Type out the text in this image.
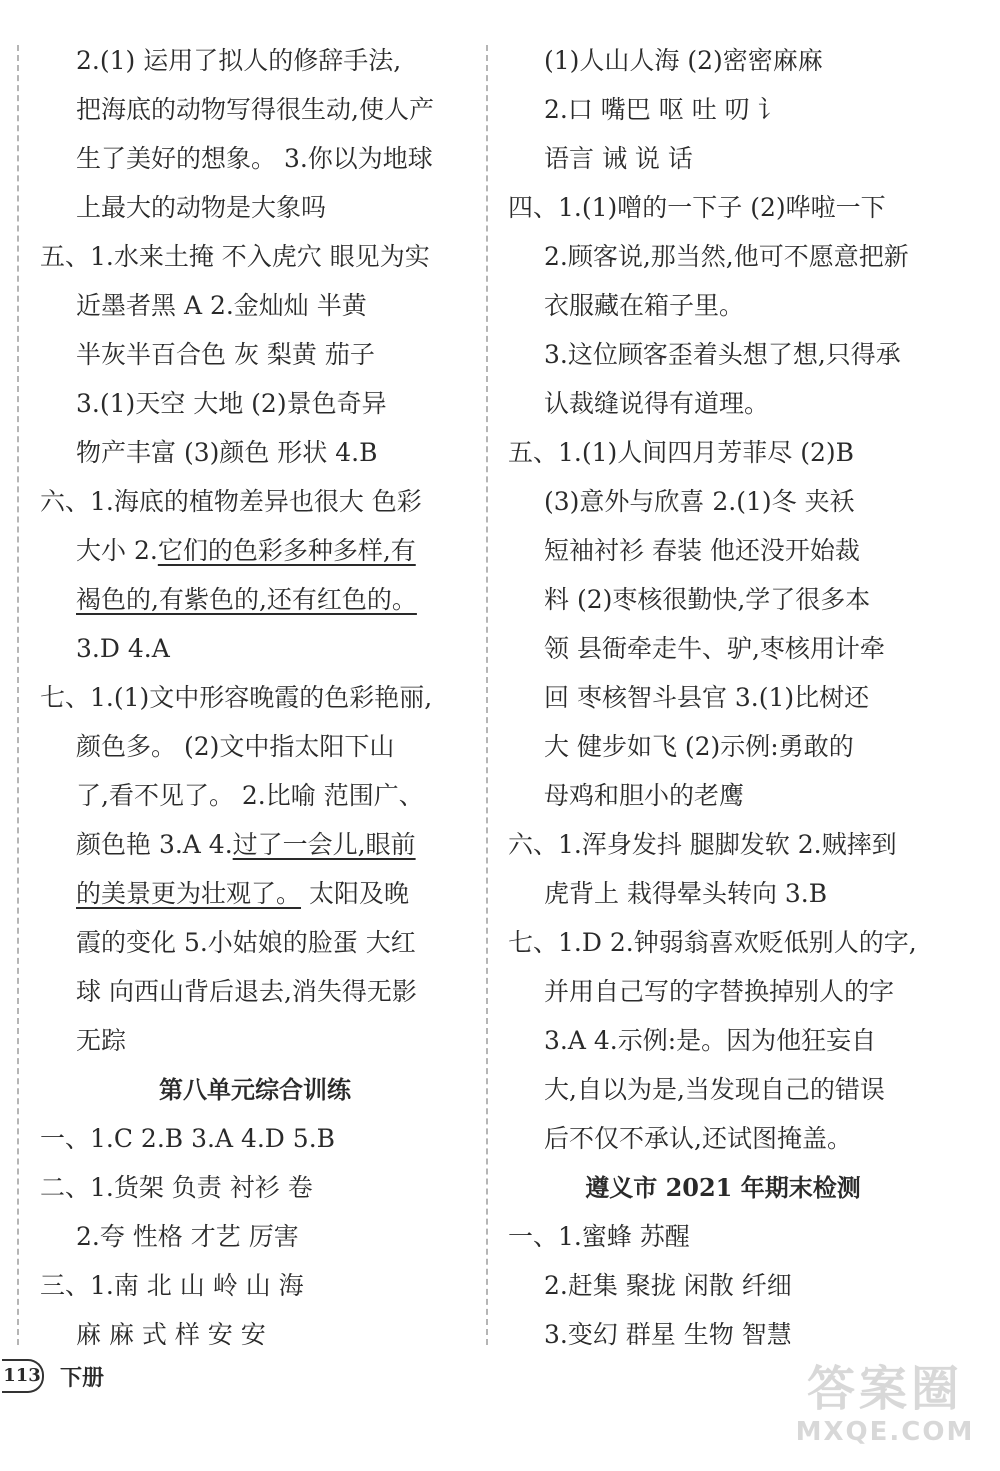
2.(1) 运用了拟人的修辞手法,
把海底的动物写得很生动,使人产
生了美好的想象。 3.你以为地球
上最大的动物是大象吗
五、1.水来土掩 不入虎穴 眼见为实
近墨者黑 A 2.金灿灿 半黄
半灰半百合色 灰 梨黄 茄子
3.(1)天空 大地 (2)景色奇异
物产丰富 (3)颜色 形状 4.B
六、1.海底的植物差异也很大 色彩
大小 2.它们的色彩多种多样,有
褐色的,有紫色的,还有红色的。
3.D 4.A
七、1.(1)文中形容晚霞的色彩艳丽,
颜色多。 (2)文中指太阳下山
了,看不见了。 2.比喻 范围广、
颜色艳 3.A 4.过了一会儿,眼前
的美景更为壮观了。 太阳及晚
霞的变化 5.小姑娘的脸蛋 大红
球 向西山背后退去,消失得无影
无踪
第八单元综合训练
一、1.C 2.B 3.A 4.D 5.B
二、1.货架 负责 衬衫 卷
2.夸 性格 才艺 厉害
三、1.南 北 山 岭 山 海
麻 麻 式 样 安 安
(1)人山人海 (2)密密麻麻
2.口 嘴巴 呕 吐 叨 讠
语言 诫 说 话
四、1.(1)噌的一下子 (2)哗啦一下
2.顾客说,那当然,他可不愿意把新
衣服藏在箱子里。
3.这位顾客歪着头想了想,只得承
认裁缝说得有道理。
五、1.(1)人间四月芳菲尽 (2)B
(3)意外与欣喜 2.(1)冬 夹袄
短袖衬衫 春装 他还没开始裁
料 (2)枣核很勤快,学了很多本
领 县衙牵走牛、驴,枣核用计牵
回 枣核智斗县官 3.(1)比树还
大 健步如飞 (2)示例:勇敢的
母鸡和胆小的老鹰
六、1.浑身发抖 腿脚发软 2.贼摔到
虎背上 栽得晕头转向 3.B
七、1.D 2.钟弱翁喜欢贬低别人的字,
并用自己写的字替换掉别人的字
3.A 4.示例:是。因为他狂妄自
大,自以为是,当发现自己的错误
后不仅不承认,还试图掩盖。
遵义市 2021 年期末检测
一、1.蜜蜂 苏醒
2.赶集 聚拢 闲散 纤细
3.变幻 群星 生物 智慧
113 下册	答案圈
MXQE.COM
